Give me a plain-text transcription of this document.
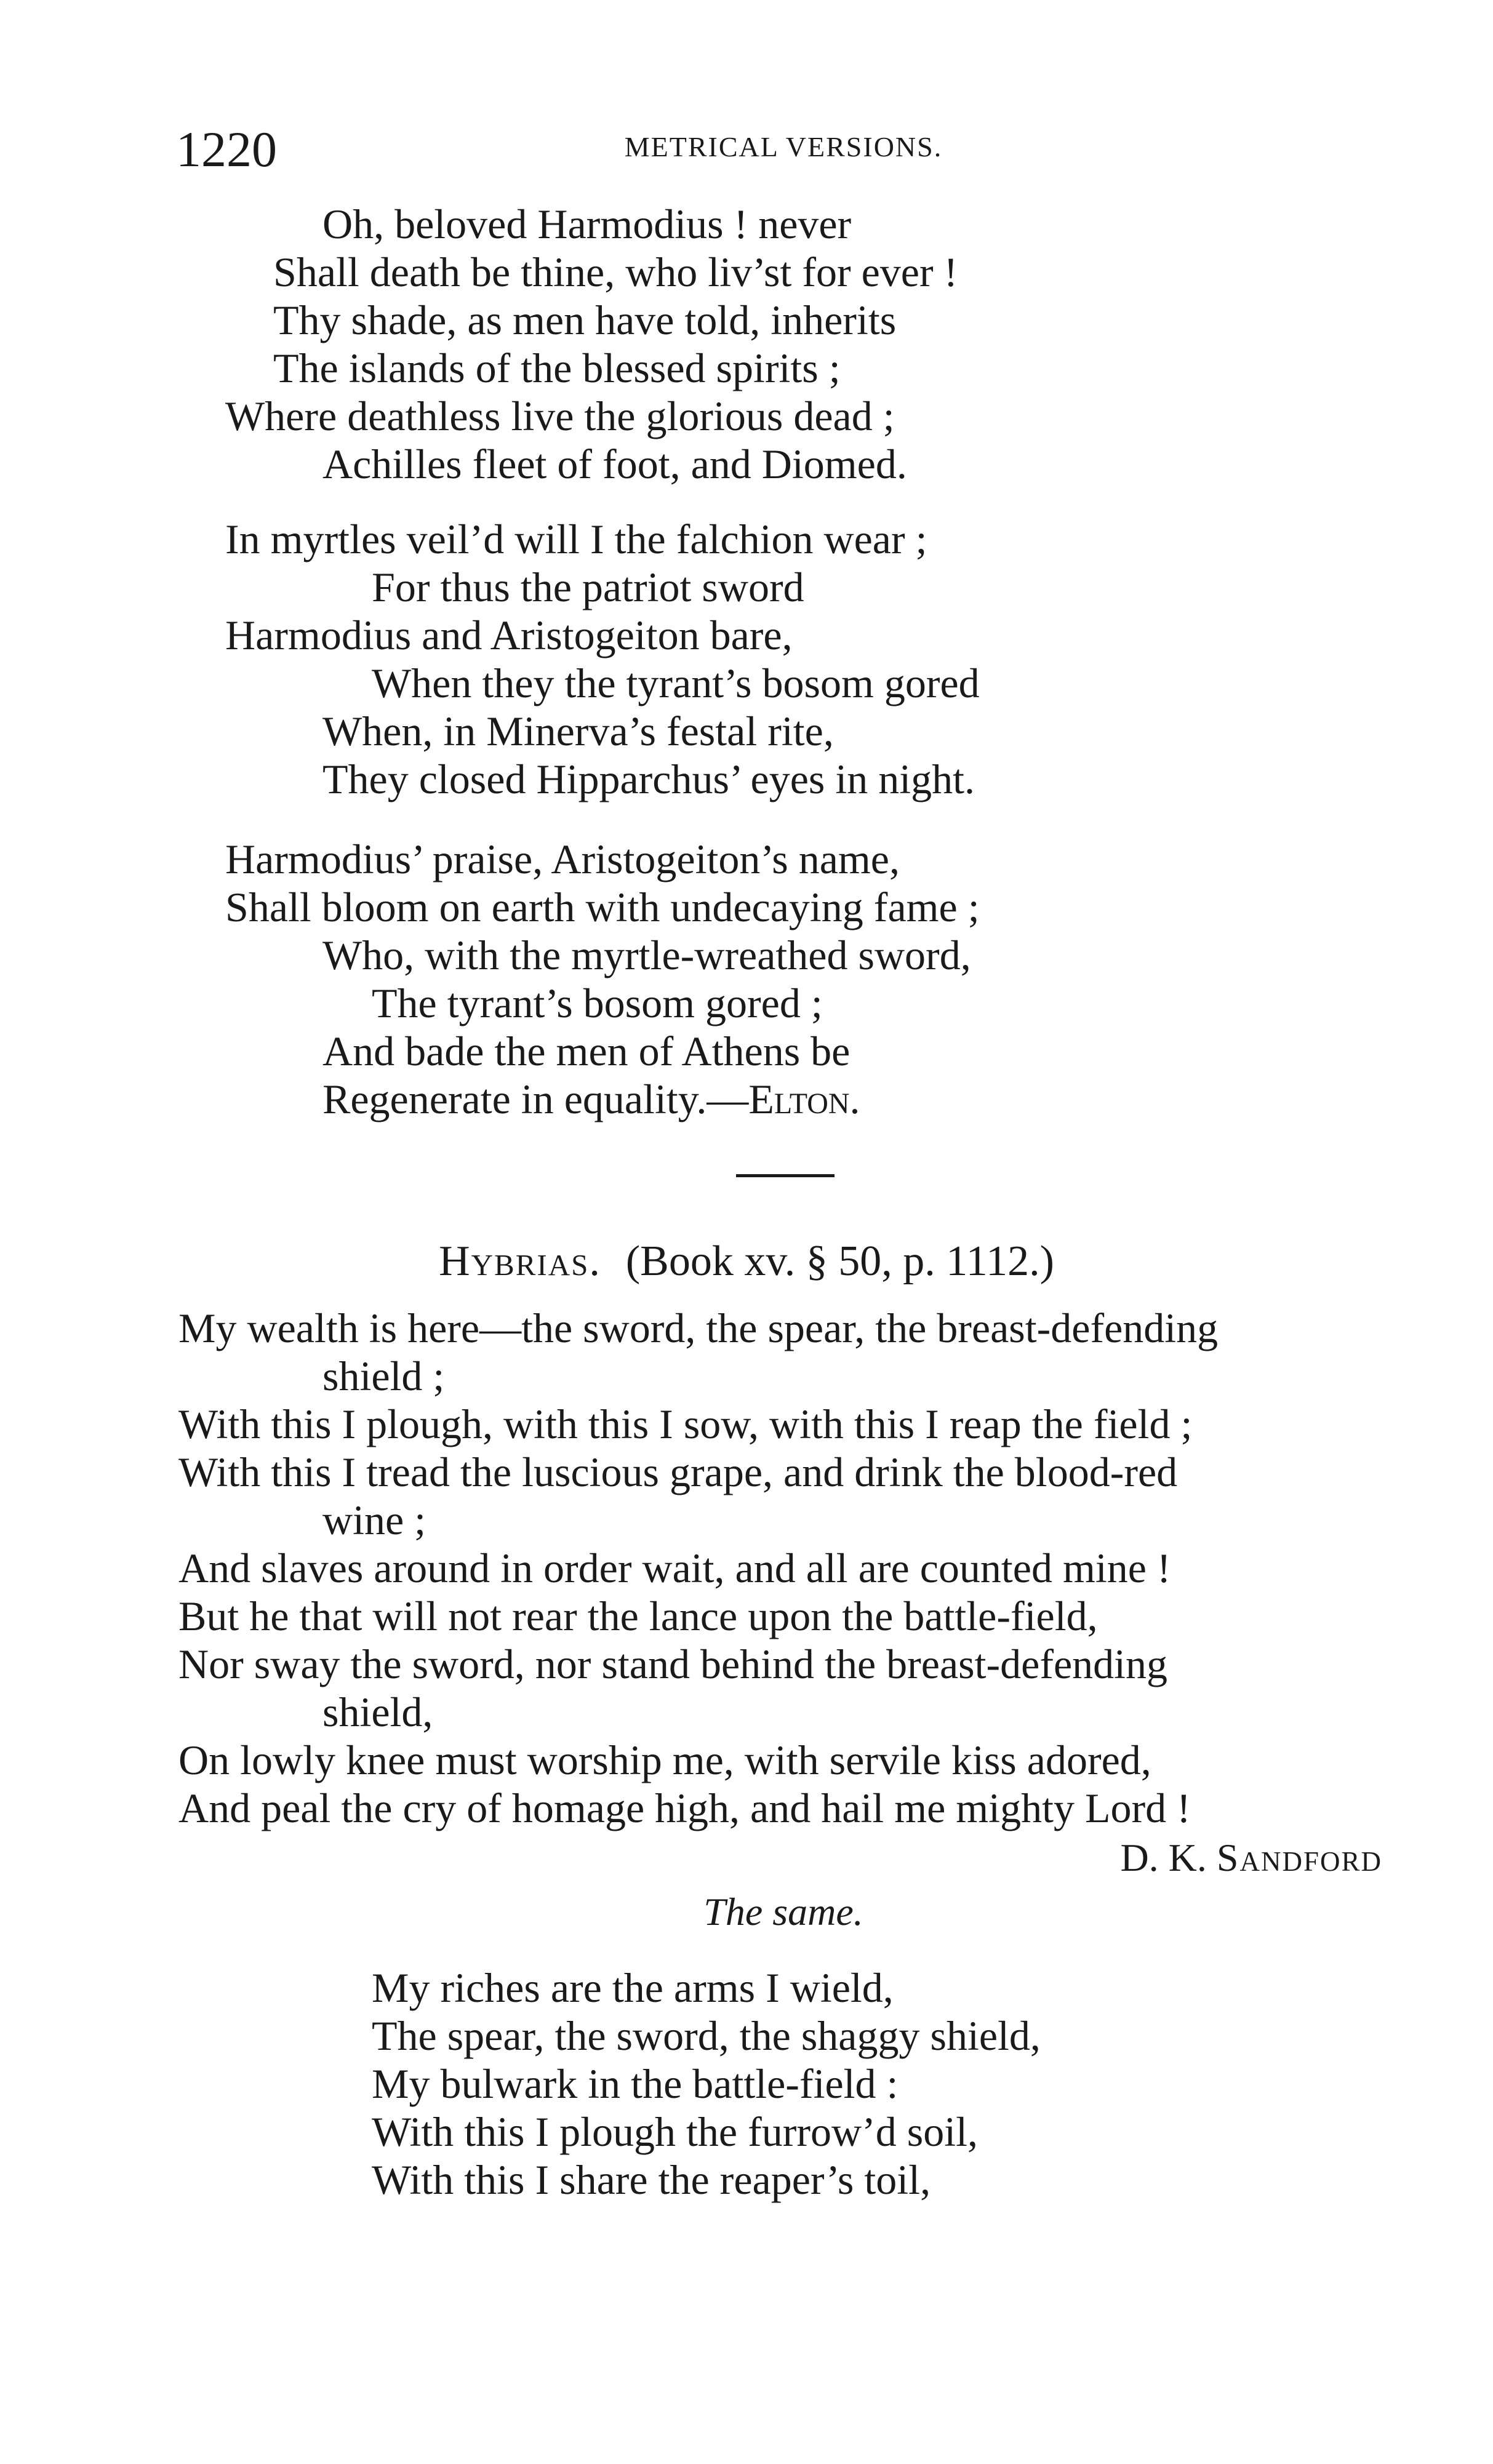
1220	METRICAL VERSIONS.
Oh, beloved Harmodius ! never
Shall death be thine, who liv’st for ever !
Thy shade, as men have told, inherits
The islands of the blessed spirits ;
Where deathless live the glorious dead ;
Achilles fleet of foot, and Diomed.
In myrtles veil’d will I the falchion wear ;
For thus the patriot sword
Harmodius and Aristogeiton bare,
When they the tyrant’s bosom gored
When, in Minerva’s festal rite,
They closed Hipparchus’ eyes in night.
Harmodius’ praise, Aristogeiton’s name,
Shall bloom on earth with undecaying fame ;
Who, with the myrtle-wreathed sword,
The tyrant’s bosom gored ;
And bade the men of Athens be
Regenerate in equality.—Elton.
Hybrias. (Book xv. § 50, p. 1112.)
My wealth is here—the sword, the spear, the breast-defending
shield ;
With this I plough, with this I sow, with this I reap the field ;
With this I tread the luscious grape, and drink the blood-red
wine ;
And slaves around in order wait, and all are counted mine !
But he that will not rear the lance upon the battle-field,
Nor sway the sword, nor stand behind the breast-defending
shield,
On lowly knee must worship me, with servile kiss adored,
And peal the cry of homage high, and hail me mighty Lord !
D. K. Sandford
The same.
My riches are the arms I wield,
The spear, the sword, the shaggy shield,
My bulwark in the battle-field :
With this I plough the furrow’d soil,
With this I share the reaper’s toil,
